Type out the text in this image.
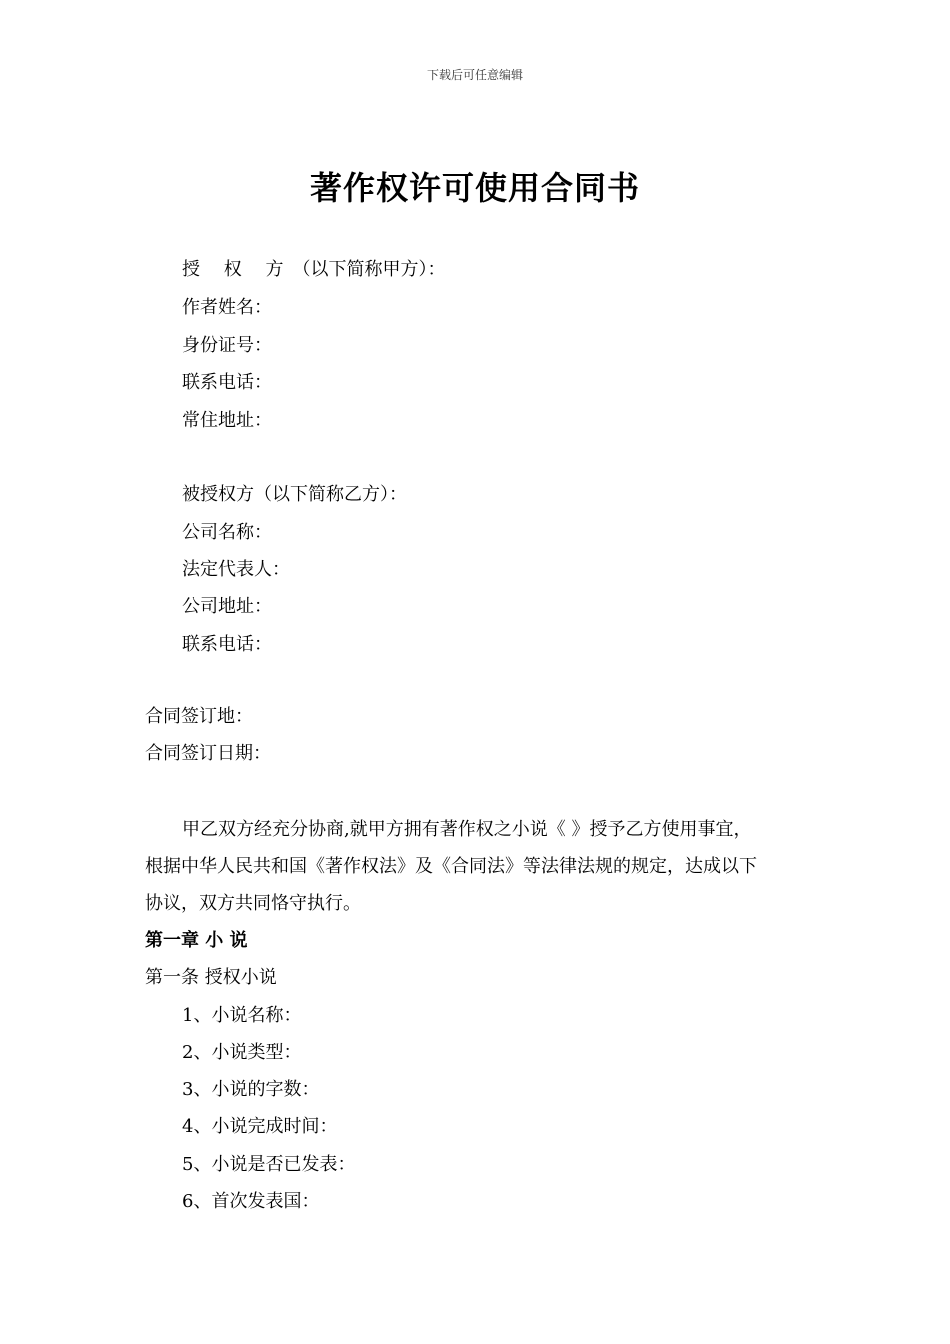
下载后可任意编辑
著作权许可使用合同书
授 权 方（以下简称甲方）：
作者姓名：
身份证号：
联系电话：
常住地址：
被授权方（以下简称乙方）：
公司名称：
法定代表人：
公司地址：
联系电话：
合同签订地：
合同签订日期：
甲乙双方经充分协商,就甲方拥有著作权之小说《 》授予乙方使用事宜，
根据中华人民共和国《著作权法》及《合同法》等法律法规的规定，达成以下
协议，双方共同恪守执行。
第一章 小 说
第一条 授权小说
1、小说名称：
2、小说类型：
3、小说的字数：
4、小说完成时间：
5、小说是否已发表：
6、首次发表国：
